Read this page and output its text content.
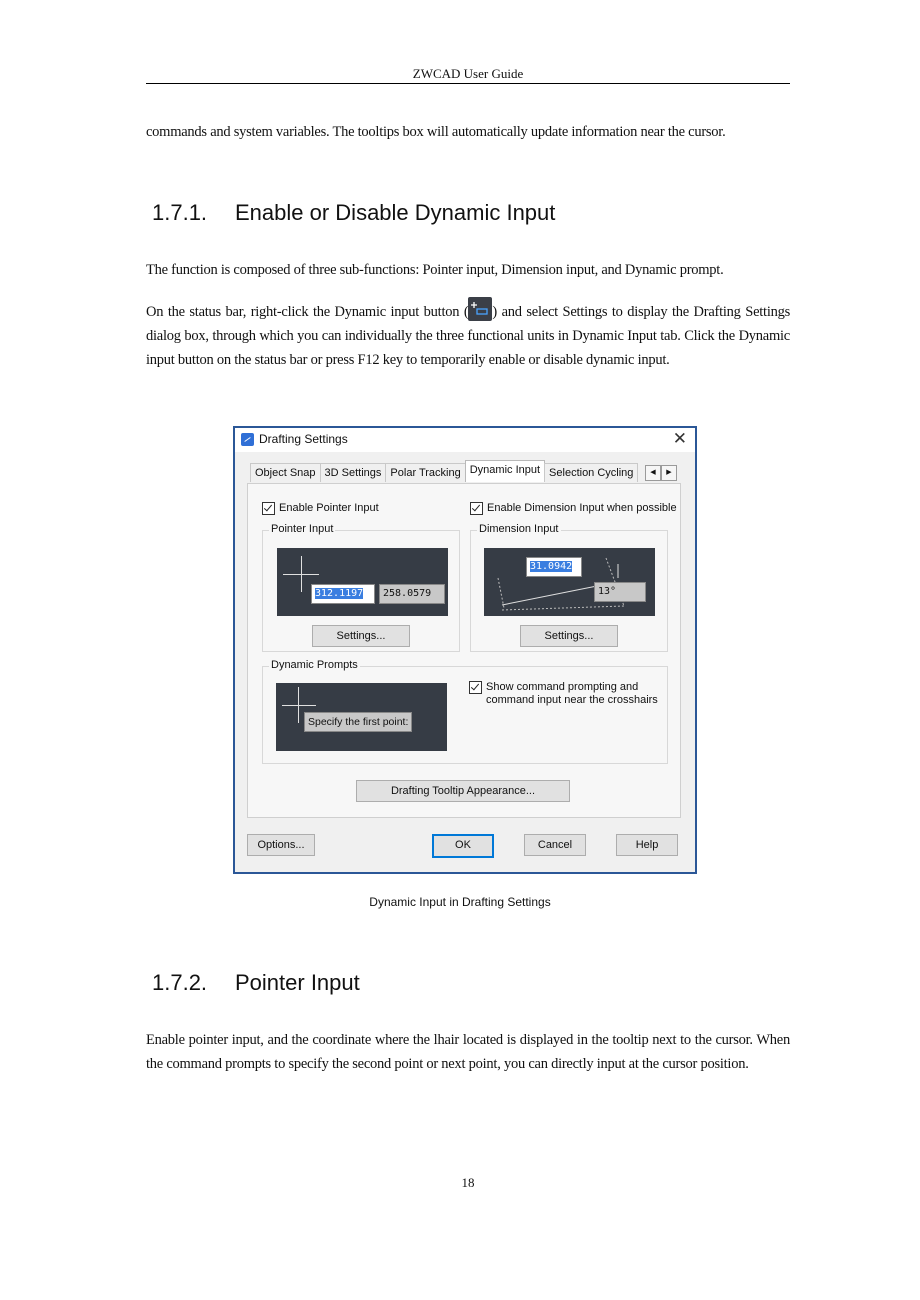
ZWCAD User Guide
commands and system variables. The tooltips box will automatically update information near the cursor.
1.7.1. Enable or Disable Dynamic Input
The function is composed of three sub-functions: Pointer input, Dimension input, and Dynamic prompt.
On the status bar, right-click the Dynamic input button ( ) and select Settings to display the Drafting Settings dialog box, through which you can individually the three functional units in Dynamic Input tab. Click the Dynamic input button on the status bar or press F12 key to temporarily enable or disable dynamic input.
Drafting Settings	✕
Object Snap 3D Settings Polar Tracking Dynamic Input Selection Cycling	◀	▶
Enable Pointer Input	Enable Dimension Input when possible
Pointer Input
312.1197	258.0579
Settings...
Dimension Input
31.0942
13°
Settings...
Dynamic Prompts
Specify the first point:
Show command prompting and command input near the crosshairs
Drafting Tooltip Appearance...
Options...	OK	Cancel	Help
Dynamic Input in Drafting Settings
1.7.2. Pointer Input
Enable pointer input, and the coordinate where the lhair located is displayed in the tooltip next to the cursor. When the command prompts to specify the second point or next point, you can directly input at the cursor position.
18
